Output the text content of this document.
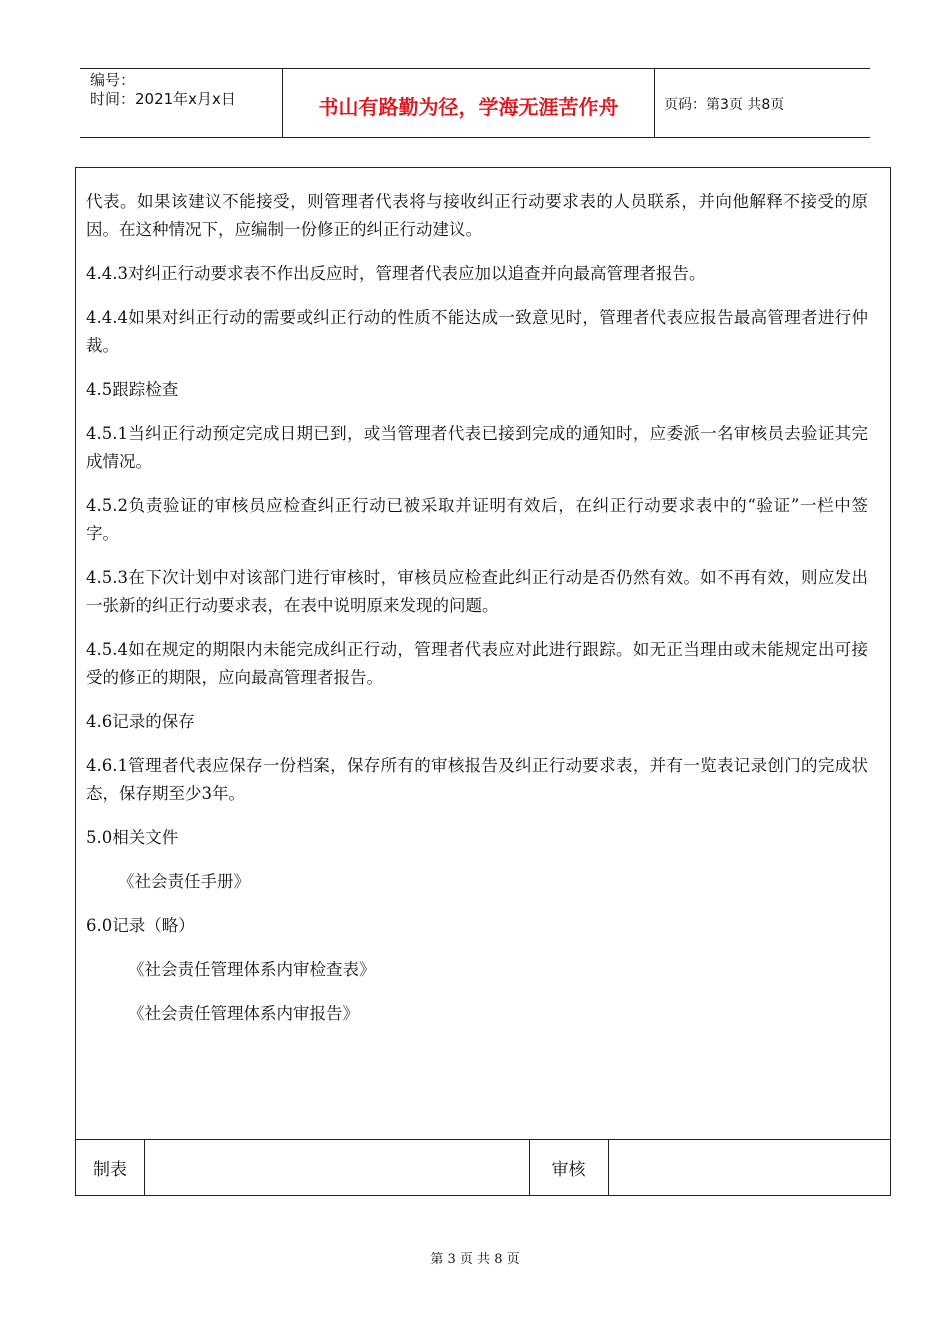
编号：
时间：2021年x月x日	书山有路勤为径，学海无涯苦作舟	页码：第3页 共8页

代表。如果该建议不能接受，则管理者代表将与接收纠正行动要求表的人员联系，并向他解释不接受的原因。在这种情况下，应编制一份修正的纠正行动建议。

4.4.3对纠正行动要求表不作出反应时，管理者代表应加以追查并向最高管理者报告。

4.4.4如果对纠正行动的需要或纠正行动的性质不能达成一致意见时，管理者代表应报告最高管理者进行仲裁。

4.5跟踪检查

4.5.1当纠正行动预定完成日期已到，或当管理者代表已接到完成的通知时，应委派一名审核员去验证其完成情况。

4.5.2负责验证的审核员应检查纠正行动已被采取并证明有效后，在纠正行动要求表中的“验证”一栏中签字。

4.5.3在下次计划中对该部门进行审核时，审核员应检查此纠正行动是否仍然有效。如不再有效，则应发出一张新的纠正行动要求表，在表中说明原来发现的问题。

4.5.4如在规定的期限内未能完成纠正行动，管理者代表应对此进行跟踪。如无正当理由或未能规定出可接受的修正的期限，应向最高管理者报告。

4.6记录的保存

4.6.1管理者代表应保存一份档案，保存所有的审核报告及纠正行动要求表，并有一览表记录创门的完成状态，保存期至少3年。

5.0相关文件

《社会责任手册》

6.0记录（略）

《社会责任管理体系内审检查表》

《社会责任管理体系内审报告》

制表	审核
第 3 页 共 8 页
